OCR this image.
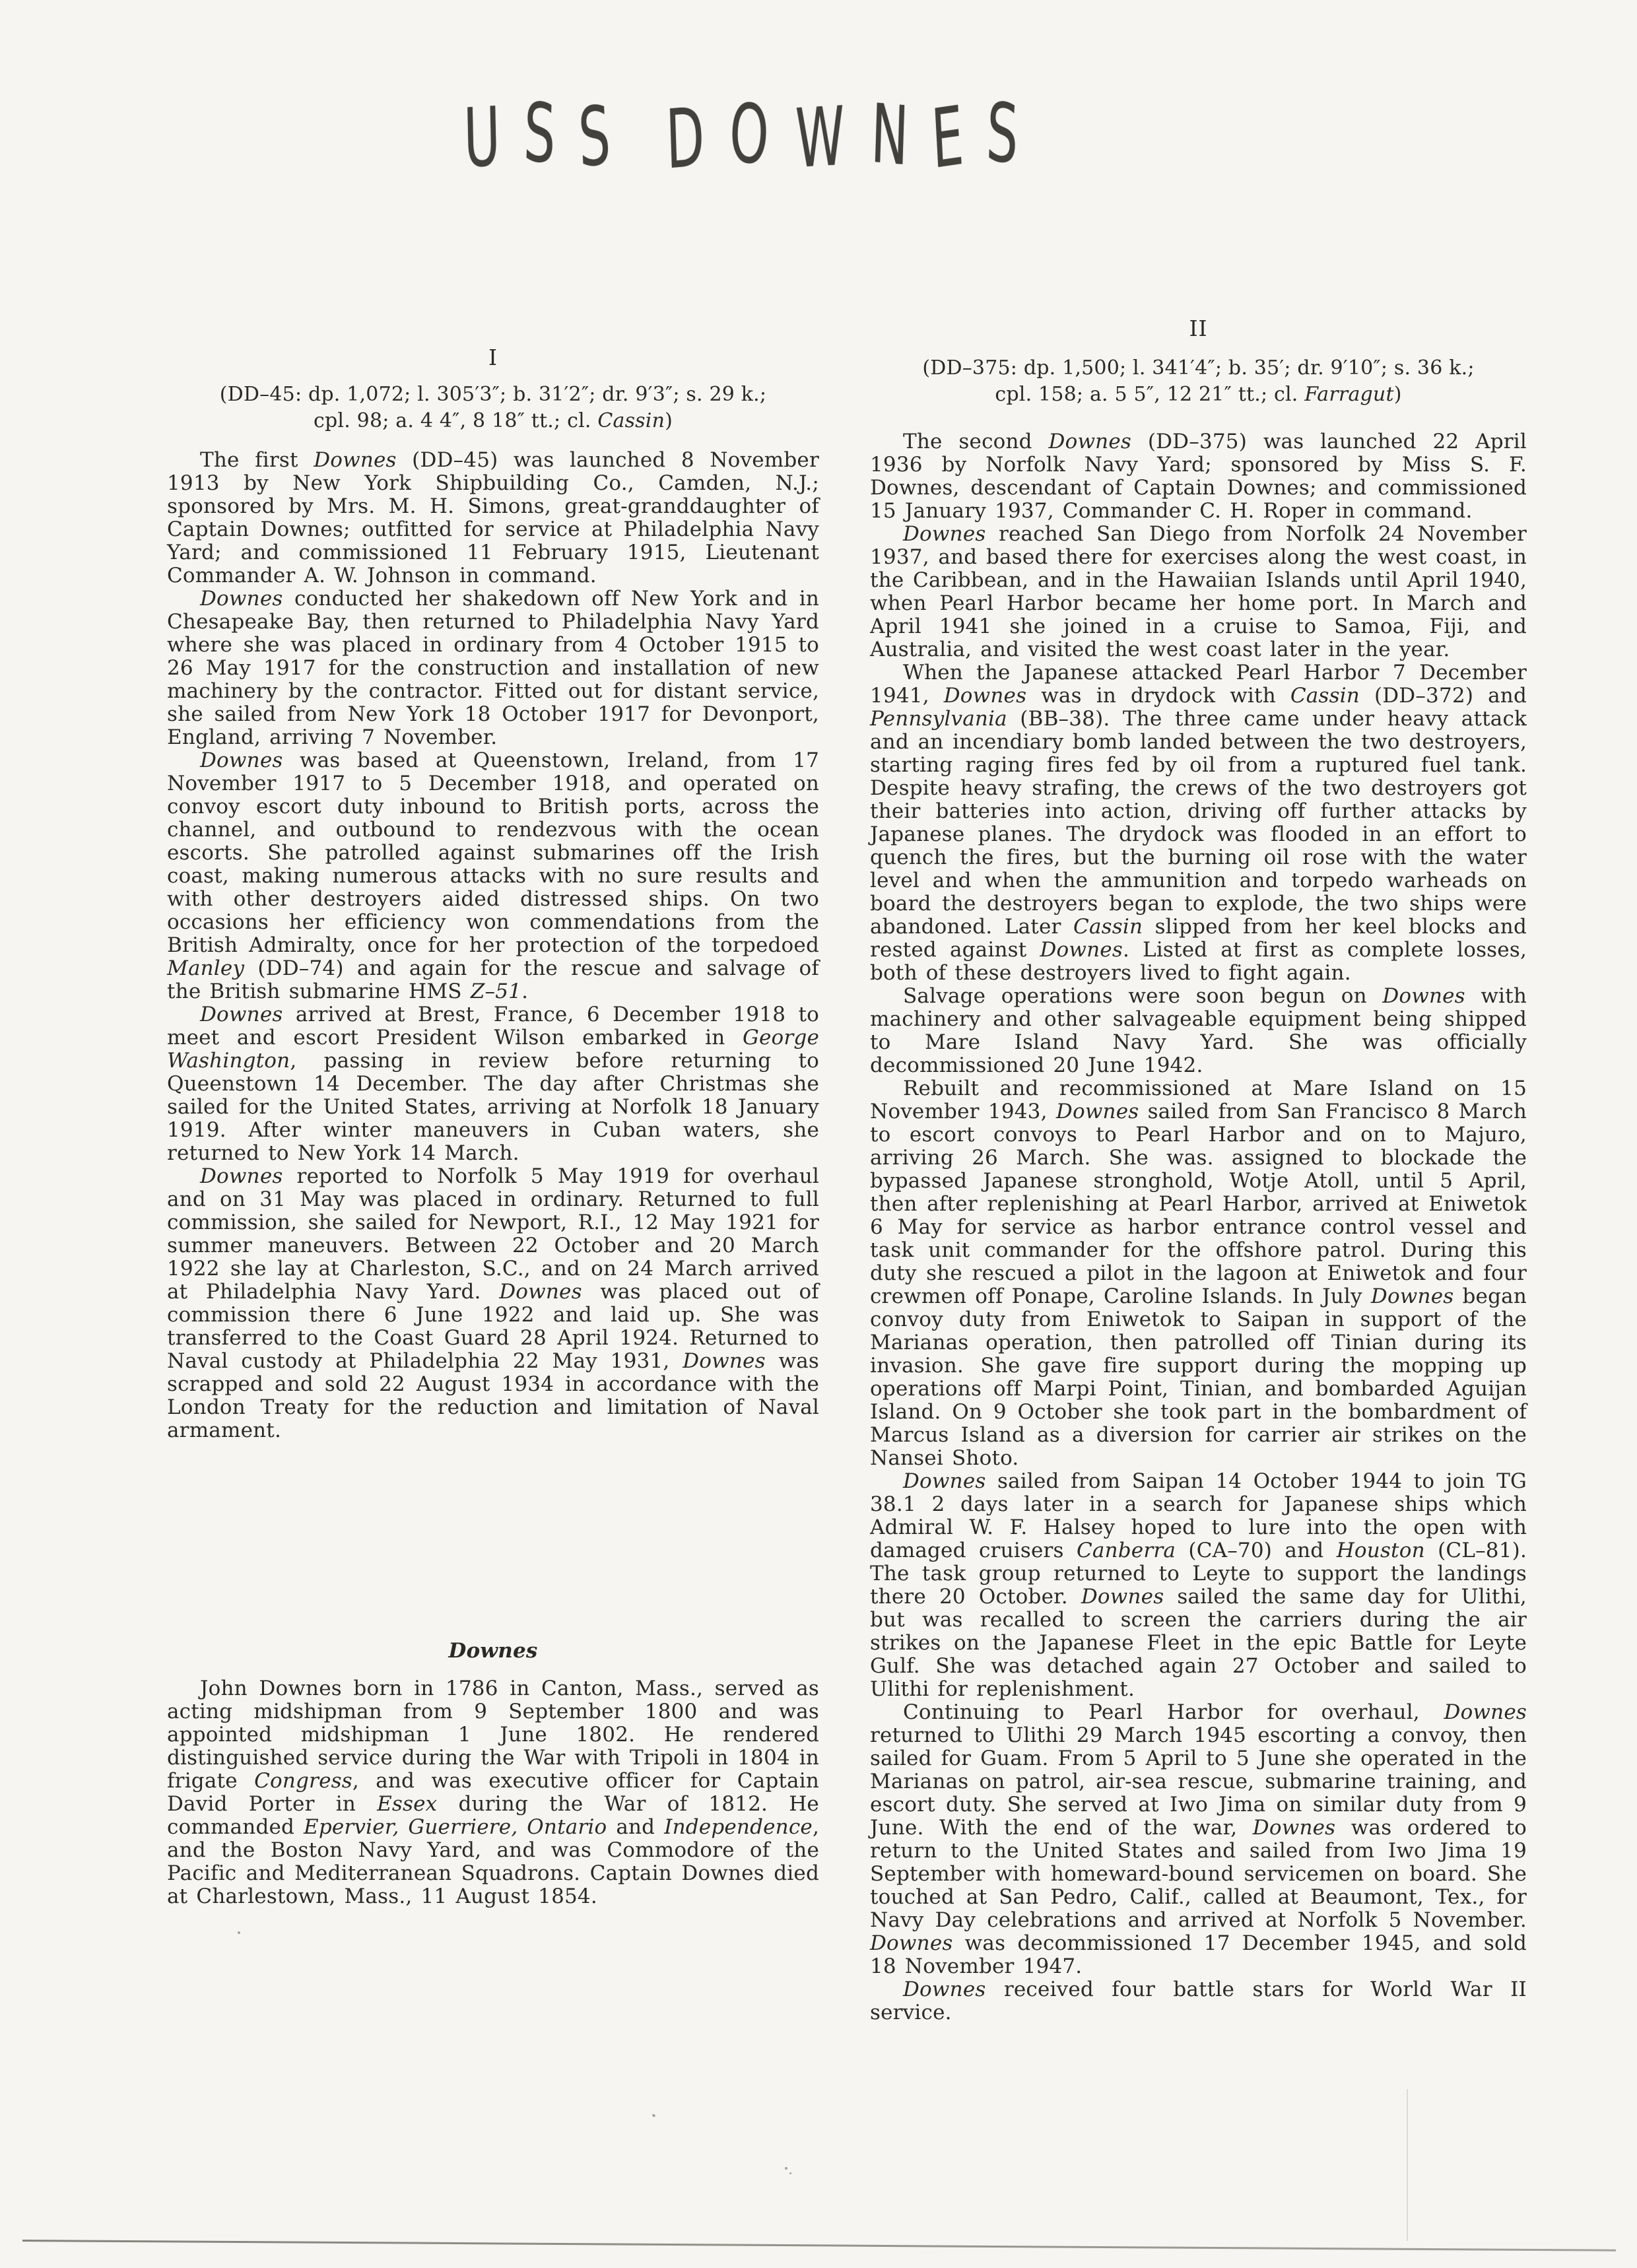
U S S D O W N E S
I
(DD–45: dp. 1,072; l. 305′3″; b. 31′2″; dr. 9′3″; s. 29 k.;
cpl. 98; a. 4 4″, 8 18″ tt.; cl. Cassin)

The first Downes (DD–45) was launched 8 November 1913 by New York Shipbuilding Co., Camden, N.J.; sponsored by Mrs. M. H. Simons, great-granddaughter of Captain Downes; outfitted for service at Philadelphia Navy Yard; and commissioned 11 February 1915, Lieutenant Commander A. W. Johnson in command.

Downes conducted her shakedown off New York and in Chesapeake Bay, then returned to Philadelphia Navy Yard where she was placed in ordinary from 4 October 1915 to 26 May 1917 for the construction and installation of new machinery by the contractor. Fitted out for distant service, she sailed from New York 18 October 1917 for Devonport, England, arriving 7 November.

Downes was based at Queenstown, Ireland, from 17 November 1917 to 5 December 1918, and operated on convoy escort duty inbound to British ports, across the channel, and outbound to rendezvous with the ocean escorts. She patrolled against submarines off the Irish coast, making numerous attacks with no sure results and with other destroyers aided distressed ships. On two occasions her efficiency won commendations from the British Admiralty, once for her protection of the torpedoed Manley (DD–74) and again for the rescue and salvage of the British submarine HMS Z–51.

Downes arrived at Brest, France, 6 December 1918 to meet and escort President Wilson embarked in George Washington, passing in review before returning to Queenstown 14 December. The day after Christmas she sailed for the United States, arriving at Norfolk 18 January 1919. After winter maneuvers in Cuban waters, she returned to New York 14 March.

Downes reported to Norfolk 5 May 1919 for overhaul and on 31 May was placed in ordinary. Returned to full commission, she sailed for Newport, R.I., 12 May 1921 for summer maneuvers. Between 22 October and 20 March 1922 she lay at Charleston, S.C., and on 24 March arrived at Philadelphia Navy Yard. Downes was placed out of commission there 6 June 1922 and laid up. She was transferred to the Coast Guard 28 April 1924. Returned to Naval custody at Philadelphia 22 May 1931, Downes was scrapped and sold 22 August 1934 in accordance with the London Treaty for the reduction and limitation of Naval armament.

Downes

John Downes born in 1786 in Canton, Mass., served as acting midshipman from 9 September 1800 and was appointed midshipman 1 June 1802. He rendered distinguished service during the War with Tripoli in 1804 in frigate Congress, and was executive officer for Captain David Porter in Essex during the War of 1812. He commanded Epervier, Guerriere, Ontario and Independence, and the Boston Navy Yard, and was Commodore of the Pacific and Mediterranean Squadrons. Captain Downes died at Charlestown, Mass., 11 August 1854.

II
(DD–375: dp. 1,500; l. 341′4″; b. 35′; dr. 9′10″; s. 36 k.;
cpl. 158; a. 5 5″, 12 21″ tt.; cl. Farragut)

The second Downes (DD–375) was launched 22 April 1936 by Norfolk Navy Yard; sponsored by Miss S. F. Downes, descendant of Captain Downes; and commissioned 15 January 1937, Commander C. H. Roper in command.

Downes reached San Diego from Norfolk 24 November 1937, and based there for exercises along the west coast, in the Caribbean, and in the Hawaiian Islands until April 1940, when Pearl Harbor became her home port. In March and April 1941 she joined in a cruise to Samoa, Fiji, and Australia, and visited the west coast later in the year.

When the Japanese attacked Pearl Harbor 7 December 1941, Downes was in drydock with Cassin (DD–372) and Pennsylvania (BB–38). The three came under heavy attack and an incendiary bomb landed between the two destroyers, starting raging fires fed by oil from a ruptured fuel tank. Despite heavy strafing, the crews of the two destroyers got their batteries into action, driving off further attacks by Japanese planes. The drydock was flooded in an effort to quench the fires, but the burning oil rose with the water level and when the ammunition and torpedo warheads on board the destroyers began to explode, the two ships were abandoned. Later Cassin slipped from her keel blocks and rested against Downes. Listed at first as complete losses, both of these destroyers lived to fight again.

Salvage operations were soon begun on Downes with machinery and other salvageable equipment being shipped to Mare Island Navy Yard. She was officially decommissioned 20 June 1942.

Rebuilt and recommissioned at Mare Island on 15 November 1943, Downes sailed from San Francisco 8 March to escort convoys to Pearl Harbor and on to Majuro, arriving 26 March. She was. assigned to blockade the bypassed Japanese stronghold, Wotje Atoll, until 5 April, then after replenishing at Pearl Harbor, arrived at Eniwetok 6 May for service as harbor entrance control vessel and task unit commander for the offshore patrol. During this duty she rescued a pilot in the lagoon at Eniwetok and four crewmen off Ponape, Caroline Islands. In July Downes began convoy duty from Eniwetok to Saipan in support of the Marianas operation, then patrolled off Tinian during its invasion. She gave fire support during the mopping up operations off Marpi Point, Tinian, and bombarded Aguijan Island. On 9 October she took part in the bombardment of Marcus Island as a diversion for carrier air strikes on the Nansei Shoto.

Downes sailed from Saipan 14 October 1944 to join TG 38.1 2 days later in a search for Japanese ships which Admiral W. F. Halsey hoped to lure into the open with damaged cruisers Canberra (CA–70) and Houston (CL–81). The task group returned to Leyte to support the landings there 20 October. Downes sailed the same day for Ulithi, but was recalled to screen the carriers during the air strikes on the Japanese Fleet in the epic Battle for Leyte Gulf. She was detached again 27 October and sailed to Ulithi for replenishment.

Continuing to Pearl Harbor for overhaul, Downes returned to Ulithi 29 March 1945 escorting a convoy, then sailed for Guam. From 5 April to 5 June she operated in the Marianas on patrol, air-sea rescue, submarine training, and escort duty. She served at Iwo Jima on similar duty from 9 June. With the end of the war, Downes was ordered to return to the United States and sailed from Iwo Jima 19 September with homeward-bound servicemen on board. She touched at San Pedro, Calif., called at Beaumont, Tex., for Navy Day celebrations and arrived at Norfolk 5 November. Downes was decommissioned 17 December 1945, and sold 18 November 1947.

Downes received four battle stars for World War II service.
